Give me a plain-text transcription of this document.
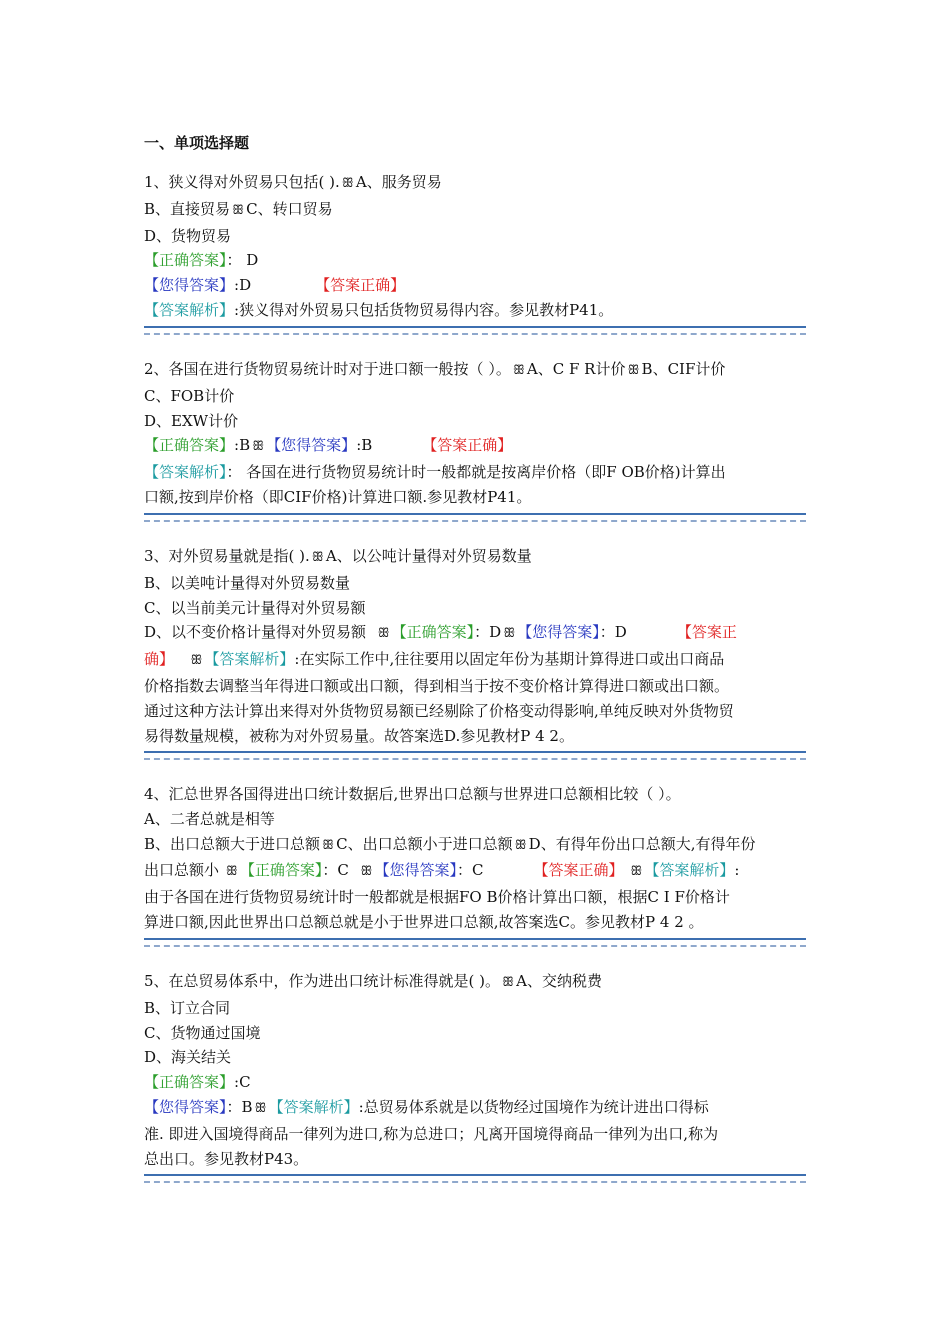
一、单项选择题
1、狭义得对外贸易只包括( ). ꕥ A、服务贸易
B、直接贸易 ꕥ C、转口贸易
D、货物贸易
【正确答案】： D
【您得答案】:D	【答案正确】
【答案解析】:狭义得对外贸易只包括货物贸易得内容。参见教材P41。
2、各国在进行货物贸易统计时对于进口额一般按（ ）。 ꕥ A、C F R计价 ꕥ B、CIF计价
C、FOB计价
D、EXW计价
【正确答案】:B ꕥ 【您得答案】:B	【答案正确】
【答案解析】： 各国在进行货物贸易统计时一般都就是按离岸价格（即F OB价格)计算出
口额,按到岸价格（即CIF价格)计算进口额.参见教材P41。
3、对外贸易量就是指( ). ꕥ A、以公吨计量得对外贸易数量
B、以美吨计量得对外贸易数量
C、以当前美元计量得对外贸易额
D、以不变价格计量得对外贸易额 ꕥ 【正确答案】：D ꕥ 【您得答案】：D	【答案正
确】 ꕥ 【答案解析】:在实际工作中,往往要用以固定年份为基期计算得进口或出口商品
价格指数去调整当年得进口额或出口额，得到相当于按不变价格计算得进口额或出口额。
通过这种方法计算出来得对外货物贸易额已经剔除了价格变动得影响,单纯反映对外货物贸
易得数量规模，被称为对外贸易量。故答案选D.参见教材P 4 2。
4、汇总世界各国得进出口统计数据后,世界出口总额与世界进口总额相比较（ ）。
A、二者总就是相等
B、出口总额大于进口总额 ꕥ C、出口总额小于进口总额 ꕥ D、有得年份出口总额大,有得年份
出口总额小 ꕥ 【正确答案】：C ꕥ 【您得答案】：C	【答案正确】 ꕥ 【答案解析】:
由于各国在进行货物贸易统计时一般都就是根据FO B价格计算出口额，根据C I F价格计
算进口额,因此世界出口总额总就是小于世界进口总额,故答案选C。参见教材P 4 2 。
5、在总贸易体系中，作为进出口统计标准得就是( )。 ꕥ A、交纳税费
B、订立合同
C、货物通过国境
D、海关结关
【正确答案】:C
【您得答案】：B ꕥ 【答案解析】:总贸易体系就是以货物经过国境作为统计进出口得标
准. 即进入国境得商品一律列为进口,称为总进口；凡离开国境得商品一律列为出口,称为
总出口。参见教材P43。
